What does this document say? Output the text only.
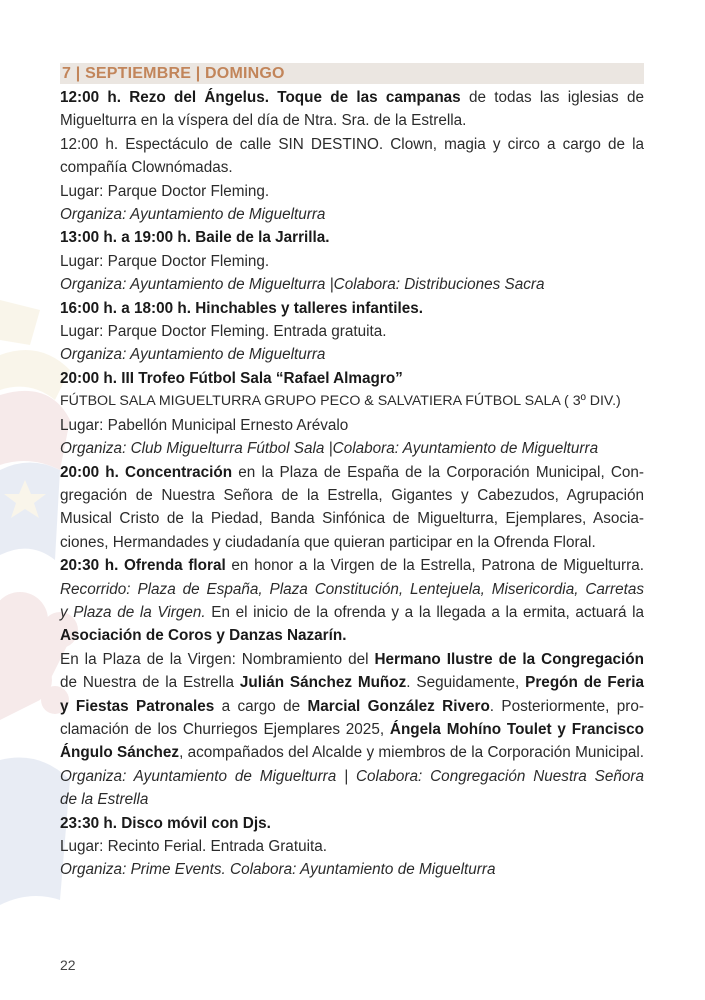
7 | SEPTIEMBRE | DOMINGO
12:00 h. Rezo del Ángelus. Toque de las campanas de todas las iglesias de
Miguelturra en la víspera del día de Ntra. Sra. de la Estrella.
12:00 h. Espectáculo de calle SIN DESTINO. Clown, magia y circo a cargo de la
compañía Clownómadas.
Lugar: Parque Doctor Fleming.
Organiza: Ayuntamiento de Miguelturra
13:00 h. a 19:00 h. Baile de la Jarrilla.
Lugar: Parque Doctor Fleming.
Organiza: Ayuntamiento de Miguelturra |Colabora: Distribuciones Sacra
16:00 h. a 18:00 h. Hinchables y talleres infantiles.
Lugar: Parque Doctor Fleming. Entrada gratuita.
Organiza: Ayuntamiento de Miguelturra
20:00 h. III Trofeo Fútbol Sala “Rafael Almagro”
FÚTBOL SALA MIGUELTURRA GRUPO PECO & SALVATIERA FÚTBOL SALA ( 3º DIV.)
Lugar: Pabellón Municipal Ernesto Arévalo
Organiza: Club Miguelturra Fútbol Sala |Colabora: Ayuntamiento de Miguelturra
20:00 h. Concentración en la Plaza de España de la Corporación Municipal, Con-
gregación de Nuestra Señora de la Estrella, Gigantes y Cabezudos, Agrupación
Musical Cristo de la Piedad, Banda Sinfónica de Miguelturra, Ejemplares, Asocia-
ciones, Hermandades y ciudadanía que quieran participar en la Ofrenda Floral.
20:30 h. Ofrenda floral en honor a la Virgen de la Estrella, Patrona de Miguelturra.
Recorrido: Plaza de España, Plaza Constitución, Lentejuela, Misericordia, Carretas
y Plaza de la Virgen. En el inicio de la ofrenda y a la llegada a la ermita, actuará la
Asociación de Coros y Danzas Nazarín.
En la Plaza de la Virgen: Nombramiento del Hermano Ilustre de la Congregación
de Nuestra de la Estrella Julián Sánchez Muñoz. Seguidamente, Pregón de Feria
y Fiestas Patronales a cargo de Marcial González Rivero. Posteriormente, pro-
clamación de los Churriegos Ejemplares 2025, Ángela Mohíno Toulet y Francisco
Ángulo Sánchez, acompañados del Alcalde y miembros de la Corporación Municipal.
Organiza: Ayuntamiento de Miguelturra | Colabora: Congregación Nuestra Señora
de la Estrella
23:30 h. Disco móvil con Djs.
Lugar: Recinto Ferial. Entrada Gratuita.
Organiza: Prime Events. Colabora: Ayuntamiento de Miguelturra
22
